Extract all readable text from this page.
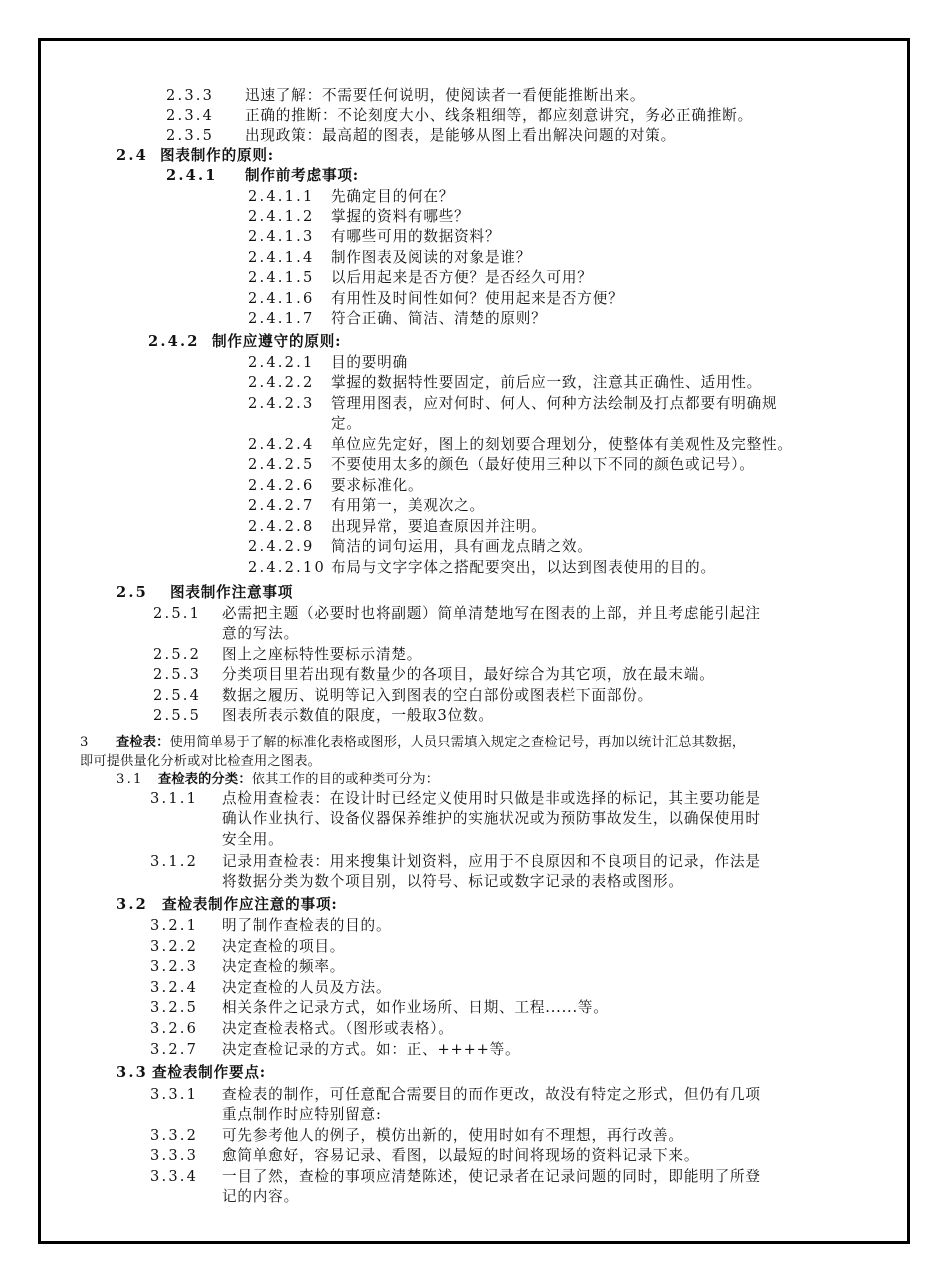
2.3.3 迅速了解：不需要任何说明，使阅读者一看便能推断出来。
2.3.4 正确的推断：不论刻度大小、线条粗细等，都应刻意讲究，务必正确推断。
2.3.5 出现政策：最高超的图表，是能够从图上看出解决问题的对策。
2.4 图表制作的原则:
2.4.1 制作前考虑事项:
2.4.1.1 先确定目的何在？
2.4.1.2 掌握的资料有哪些？
2.4.1.3 有哪些可用的数据资料？
2.4.1.4 制作图表及阅读的对象是谁？
2.4.1.5 以后用起来是否方便？是否经久可用？
2.4.1.6 有用性及时间性如何？使用起来是否方便？
2.4.1.7 符合正确、简洁、清楚的原则？
2.4.2 制作应遵守的原则:
2.4.2.1 目的要明确
2.4.2.2 掌握的数据特性要固定，前后应一致，注意其正确性、适用性。
2.4.2.3 管理用图表，应对何时、何人、何种方法绘制及打点都要有明确规
定。
2.4.2.4 单位应先定好，图上的刻划要合理划分，使整体有美观性及完整性。
2.4.2.5 不要使用太多的颜色（最好使用三种以下不同的颜色或记号）。
2.4.2.6 要求标准化。
2.4.2.7 有用第一，美观次之。
2.4.2.8 出现异常，要追查原因并注明。
2.4.2.9 简洁的词句运用，具有画龙点睛之效。
2.4.2.10 布局与文字字体之搭配要突出，以达到图表使用的目的。
2.5 图表制作注意事项
2.5.1 必需把主题（必要时也将副题）简单清楚地写在图表的上部，并且考虑能引起注
意的写法。
2.5.2 图上之座标特性要标示清楚。
2.5.3 分类项目里若出现有数量少的各项目，最好综合为其它项，放在最末端。
2.5.4 数据之履历、说明等记入到图表的空白部份或图表栏下面部份。
2.5.5 图表所表示数值的限度，一般取3位数。
3 查检表：使用简单易于了解的标准化表格或图形，人员只需填入规定之查检记号，再加以统计汇总其数据，
即可提供量化分析或对比检查用之图表。
3.1 查检表的分类：依其工作的目的或种类可分为：
3.1.1 点检用查检表：在设计时已经定义使用时只做是非或选择的标记，其主要功能是
确认作业执行、设备仪器保养维护的实施状况或为预防事故发生，以确保使用时
安全用。
3.1.2 记录用查检表：用来搜集计划资料，应用于不良原因和不良项目的记录，作法是
将数据分类为数个项目别，以符号、标记或数字记录的表格或图形。
3.2 查检表制作应注意的事项:
3.2.1 明了制作查检表的目的。
3.2.2 决定查检的项目。
3.2.3 决定查检的频率。
3.2.4 决定查检的人员及方法。
3.2.5 相关条件之记录方式，如作业场所、日期、工程......等。
3.2.6 决定查检表格式。（图形或表格）。
3.2.7 决定查检记录的方式。如：正、++++等。
3.3 查检表制作要点:
3.3.1 查检表的制作，可任意配合需要目的而作更改，故没有特定之形式，但仍有几项
重点制作时应特别留意:
3.3.2 可先参考他人的例子，模仿出新的，使用时如有不理想，再行改善。
3.3.3 愈简单愈好，容易记录、看图，以最短的时间将现场的资料记录下来。
3.3.4 一目了然，查检的事项应清楚陈述，使记录者在记录问题的同时，即能明了所登
记的内容。
